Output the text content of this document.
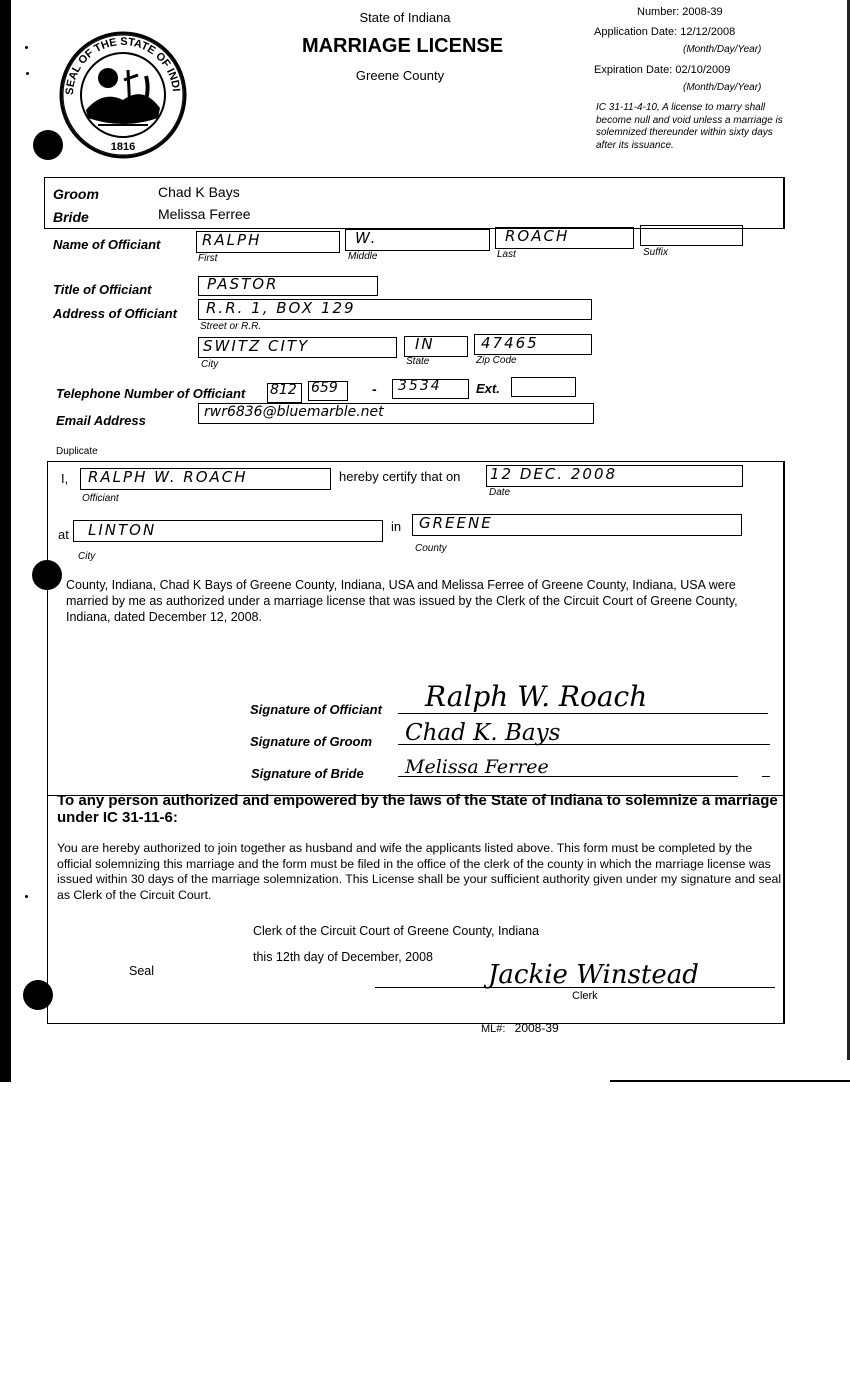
SEAL OF THE STATE OF INDI
1816
State of Indiana
MARRIAGE LICENSE
Greene County
Number: 2008-39
Application Date: 12/12/2008
(Month/Day/Year)
Expiration Date: 02/10/2009
(Month/Day/Year)
IC 31-11-4-10, A license to marry shall become null and void unless a marriage is solemnized thereunder within sixty days after its issuance.
Groom	Chad K Bays
Bride	Melissa Ferree
Name of Officiant	RALPH
First
W.
Middle
ROACH
Last	Suffix
Title of Officiant	PASTOR
Address of Officiant R.R. 1, BOX 129
Street or R.R.
SWITZ CITY
City
IN
State
47465
Zip Code
Telephone Number of Officiant 812 659 - 3534	Ext.
Email Address
rwr6836@bluemarble.net
Duplicate
I, RALPH W. ROACH
Officiant
hereby certify that on 12 DEC. 2008
Date
at LINTON
City
in GREENE
County
County, Indiana, Chad K Bays of Greene County, Indiana, USA and Melissa Ferree of Greene County, Indiana, USA were married by me as authorized under a marriage license that was issued by the Clerk of the Circuit Court of Greene County, Indiana, dated December 12, 2008.
Signature of Officiant Ralph W. Roach
Signature of Groom Chad K. Bays
Signature of Bride Melissa Ferree
To any person authorized and empowered by the laws of the State of Indiana to solemnize a marriage under IC 31-11-6:
You are hereby authorized to join together as husband and wife the applicants listed above. This form must be completed by the official solemnizing this marriage and the form must be filed in the office of the clerk of the county in which the marriage license was issued within 30 days of the marriage solemnization. This License shall be your sufficient authority given under my signature and seal as Clerk of the Circuit Court.
Clerk of the Circuit Court of Greene County, Indiana
this 12th day of December, 2008
Seal	Jackie Winstead
Clerk
ML#: 2008-39
